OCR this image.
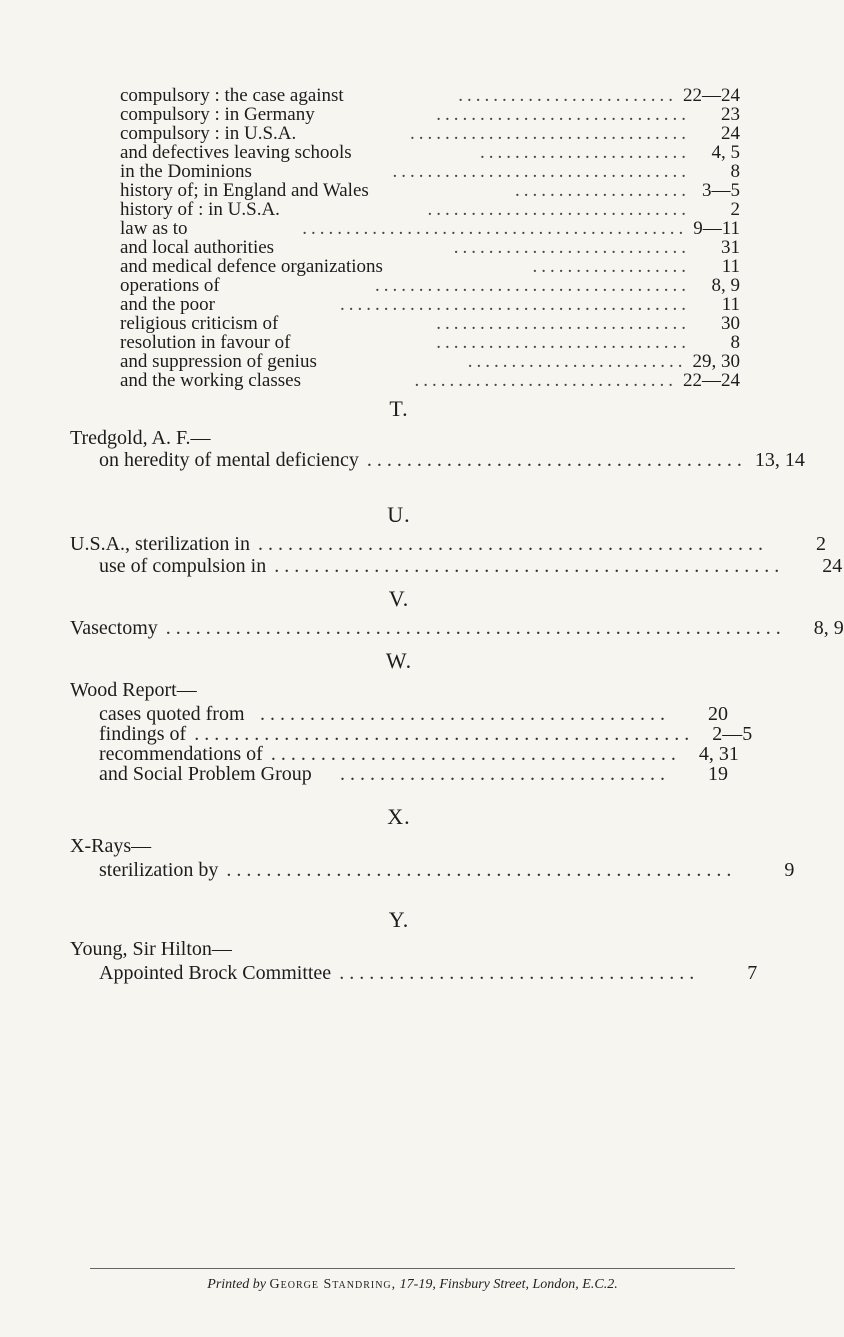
compulsory : the case against	......................... 22—24
compulsory : in Germany	.............................	23
compulsory : in U.S.A.	................................	24
and defectives leaving schools	........................	4, 5
in the Dominions	..................................	8
history of; in England and Wales	.................... 3—5
history of : in U.S.A.	..............................	2
law as to	............................................ 9—11
and local authorities	...........................	31
and medical defence organizations	..................	11
operations of	....................................	8, 9
and the poor	........................................	11
religious criticism of	.............................	30
resolution in favour of	.............................	8
and suppression of genius	......................... 29, 30
and the working classes	.............................. 22—24
T.
Tredgold, A. F.—
on heredity of mental deficiency ...................................... 13, 14
U.
U.S.A., sterilization in ...................................................	2
use of compulsion in ...................................................	24
V.
Vasectomy ..............................................................	8, 9
W.
Wood Report—
cases quoted from .........................................	20
findings of .................................................. 2—5
recommendations of ......................................... 4, 31
and Social Problem Group	.................................	19
X.
X-Rays—
sterilization by ...................................................	9
Y.
Young, Sir Hilton—
Appointed Brock Committee ....................................	7
Printed by George Standring, 17-19, Finsbury Street, London, E.C.2.
